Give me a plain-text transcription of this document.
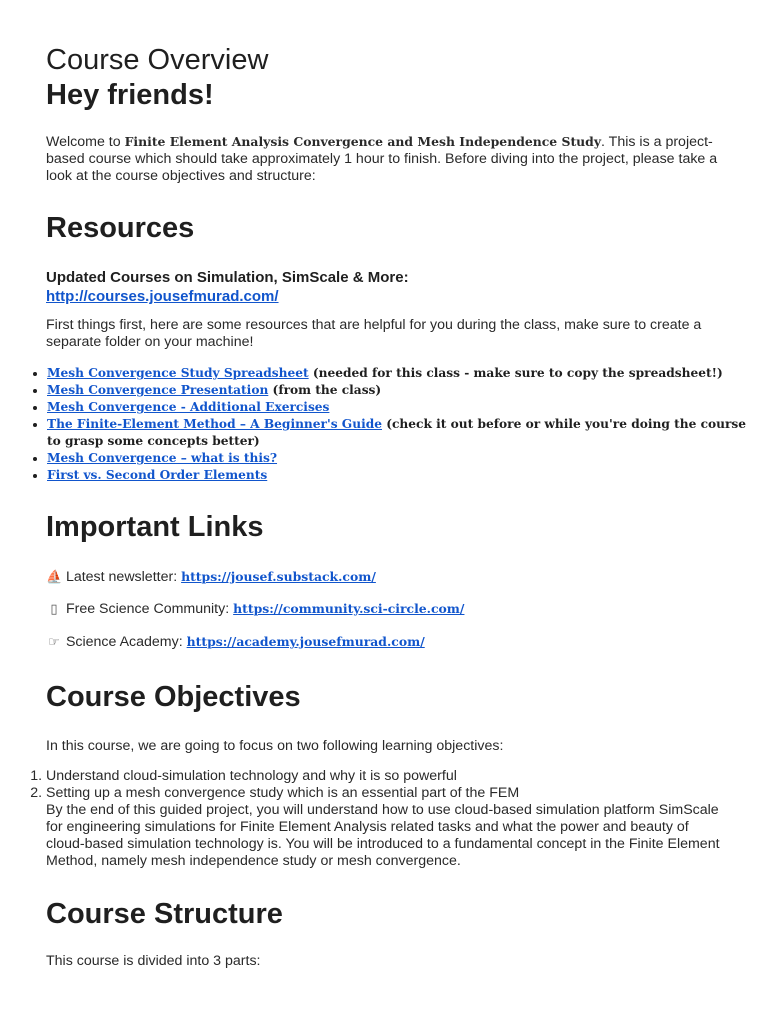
Course Overview
Hey friends!

Welcome to Finite Element Analysis Convergence and Mesh Independence Study. This is a project-based course which should take approximately 1 hour to finish. Before diving into the project, please take a look at the course objectives and structure:

Resources

Updated Courses on Simulation, SimScale & More:
http://courses.jousefmurad.com/

First things first, here are some resources that are helpful for you during the class, make sure to create a separate folder on your machine!

• Mesh Convergence Study Spreadsheet (needed for this class - make sure to copy the spreadsheet!)
• Mesh Convergence Presentation (from the class)
• Mesh Convergence - Additional Exercises
• The Finite-Element Method – A Beginner's Guide (check it out before or while you're doing the course to grasp some concepts better)
• Mesh Convergence – what is this?
• First vs. Second Order Elements
Important Links

⛵ Latest newsletter: https://jousef.substack.com/

▯ Free Science Community: https://community.sci-circle.com/

☞ Science Academy: https://academy.jousefmurad.com/

Course Objectives

In this course, we are going to focus on two following learning objectives:

1. Understand cloud-simulation technology and why it is so powerful
2. Setting up a mesh convergence study which is an essential part of the FEM

By the end of this guided project, you will understand how to use cloud-based simulation platform SimScale for engineering simulations for Finite Element Analysis related tasks and what the power and beauty of cloud-based simulation technology is. You will be introduced to a fundamental concept in the Finite Element Method, namely mesh independence study or mesh convergence.

Course Structure

This course is divided into 3 parts:
